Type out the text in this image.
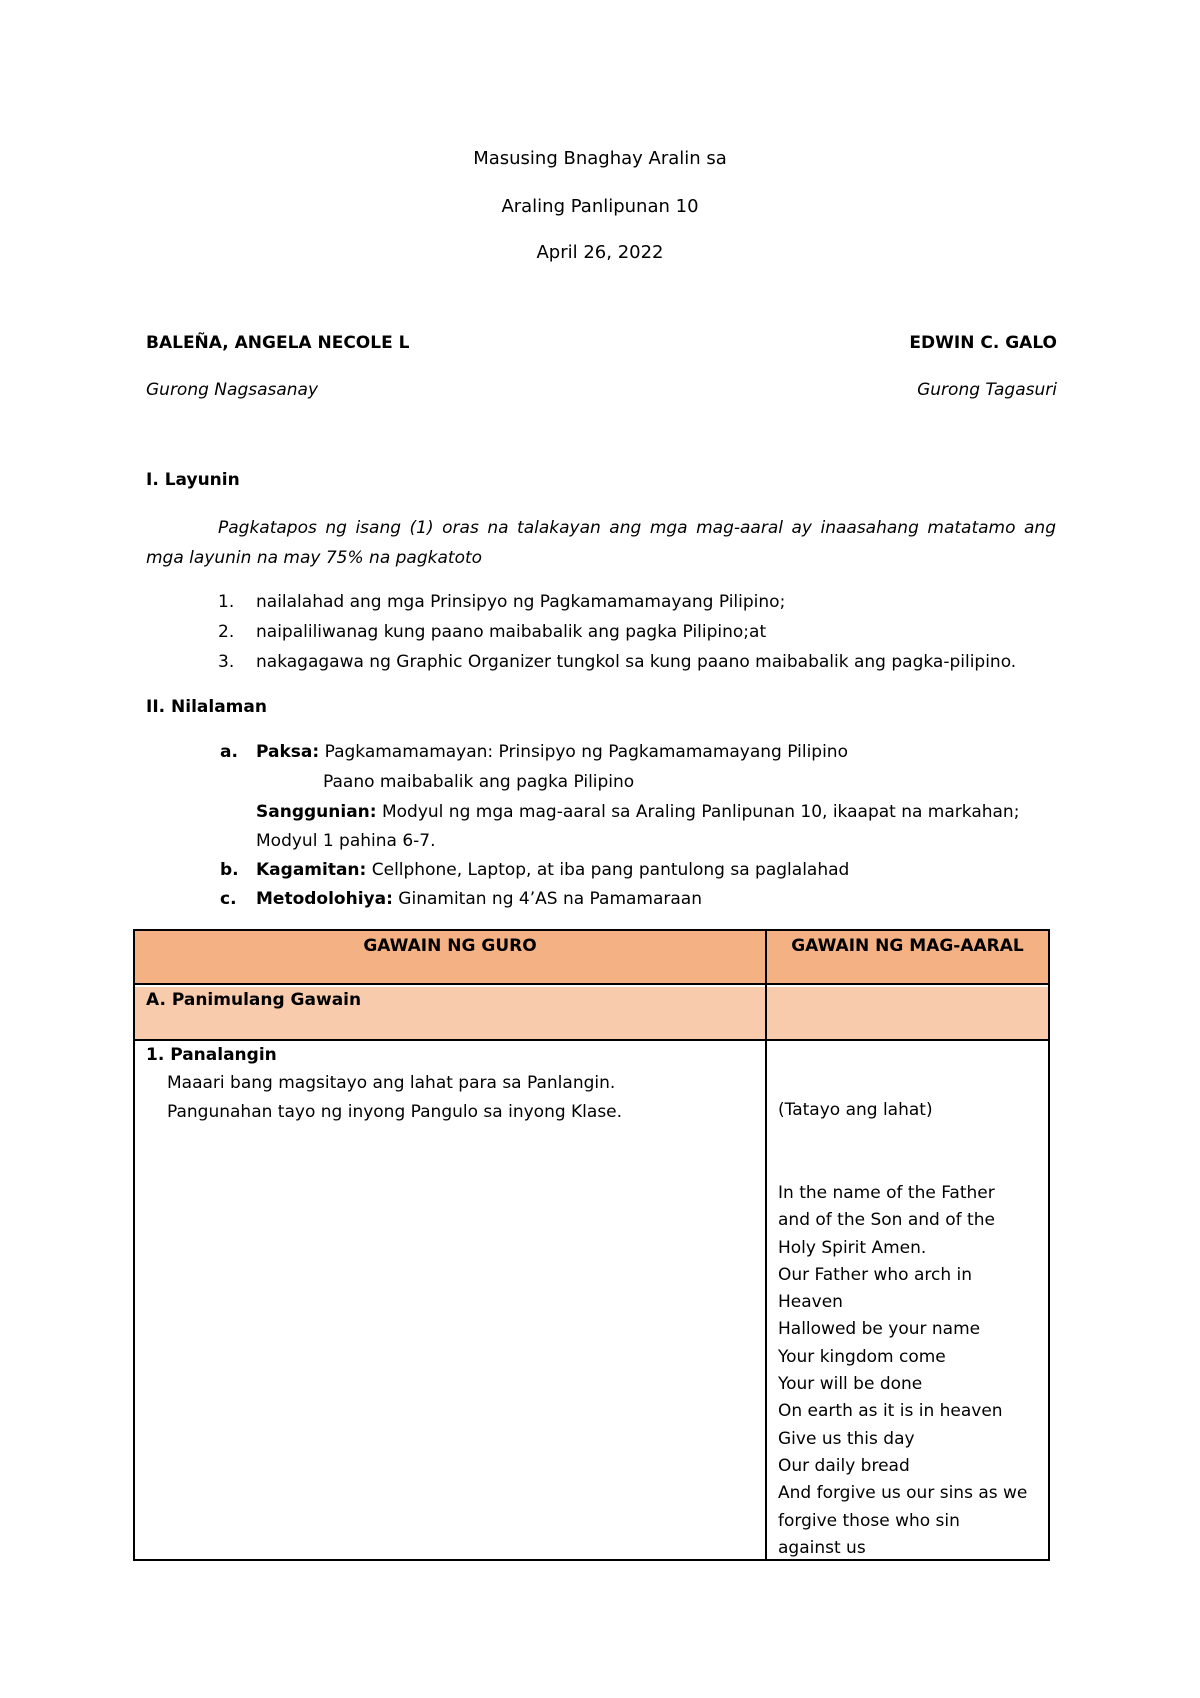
Masusing Bnaghay Aralin sa
Araling Panlipunan 10
April 26, 2022
BALEÑA, ANGELA NECOLE L
Gurong Nagsasanay
EDWIN C. GALO
Gurong Tagasuri
I. Layunin
Pagkatapos ng isang (1) oras na talakayan ang mga mag-aaral ay inaasahang matatamo ang mga layunin na may 75% na pagkatoto
1. nailalahad ang mga Prinsipyo ng Pagkamamamayang Pilipino;
2. naipaliliwanag kung paano maibabalik ang pagka Pilipino;at
3. nakagagawa ng Graphic Organizer tungkol sa kung paano maibabalik ang pagka-pilipino.
II. Nilalaman
a. Paksa: Pagkamamamayan: Prinsipyo ng Pagkamamamayang Pilipino
Paano maibabalik ang pagka Pilipino
Sanggunian: Modyul ng mga mag-aaral sa Araling Panlipunan 10, ikaapat na markahan;
Modyul 1 pahina 6-7.
b. Kagamitan: Cellphone, Laptop, at iba pang pantulong sa paglalahad
c. Metodolohiya: Ginamitan ng 4’AS na Pamamaraan
GAWAIN NG GURO	GAWAIN NG MAG-AARAL
A. Panimulang Gawain
1. Panalangin
Maaari bang magsitayo ang lahat para sa Panlangin.
Pangunahan tayo ng inyong Pangulo sa inyong Klase.	(Tatayo ang lahat)
In the name of the Father
and of the Son and of the
Holy Spirit Amen.
Our Father who arch in
Heaven
Hallowed be your name
Your kingdom come
Your will be done
On earth as it is in heaven
Give us this day
Our daily bread
And forgive us our sins as we
forgive those who sin
against us
